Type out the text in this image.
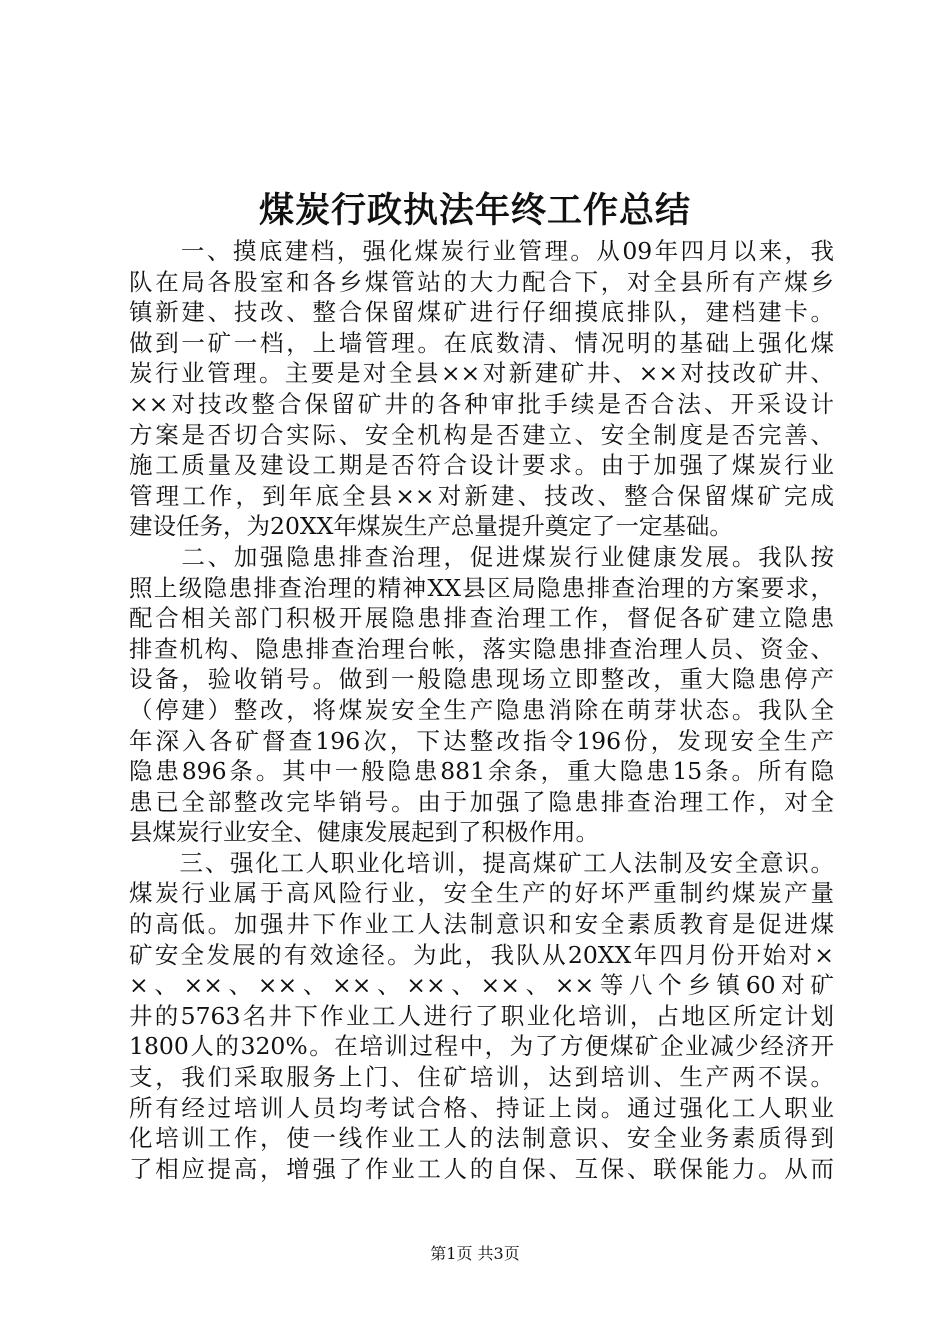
煤炭行政执法年终工作总结
　　一、摸底建档，强化煤炭行业管理。从09年四月以来，我
队在局各股室和各乡煤管站的大力配合下，对全县所有产煤乡
镇新建、技改、整合保留煤矿进行仔细摸底排队，建档建卡。
做到一矿一档，上墙管理。在底数清、情况明的基础上强化煤
炭行业管理。主要是对全县××对新建矿井、××对技改矿井、
××对技改整合保留矿井的各种审批手续是否合法、开采设计
方案是否切合实际、安全机构是否建立、安全制度是否完善、
施工质量及建设工期是否符合设计要求。由于加强了煤炭行业
管理工作，到年底全县××对新建、技改、整合保留煤矿完成
建设任务，为20XX年煤炭生产总量提升奠定了一定基础。
　　二、加强隐患排查治理，促进煤炭行业健康发展。我队按
照上级隐患排查治理的精神XX县区局隐患排查治理的方案要求，
配合相关部门积极开展隐患排查治理工作，督促各矿建立隐患
排查机构、隐患排查治理台帐，落实隐患排查治理人员、资金、
设备，验收销号。做到一般隐患现场立即整改，重大隐患停产
（停建）整改，将煤炭安全生产隐患消除在萌芽状态。我队全
年深入各矿督查196次，下达整改指令196份，发现安全生产
隐患896条。其中一般隐患881余条，重大隐患15条。所有隐
患已全部整改完毕销号。由于加强了隐患排查治理工作，对全
县煤炭行业安全、健康发展起到了积极作用。
　　三、强化工人职业化培训，提高煤矿工人法制及安全意识。
煤炭行业属于高风险行业，安全生产的好坏严重制约煤炭产量
的高低。加强井下作业工人法制意识和安全素质教育是促进煤
矿安全发展的有效途径。为此，我队从20XX年四月份开始对×
×、××、××、××、××、××、××等八个乡镇60对矿
井的5763名井下作业工人进行了职业化培训，占地区所定计划
1800人的320%。在培训过程中，为了方便煤矿企业减少经济开
支，我们采取服务上门、住矿培训，达到培训、生产两不误。
所有经过培训人员均考试合格、持证上岗。通过强化工人职业
化培训工作，使一线作业工人的法制意识、安全业务素质得到
了相应提高，增强了作业工人的自保、互保、联保能力。从而
第1页 共3页
